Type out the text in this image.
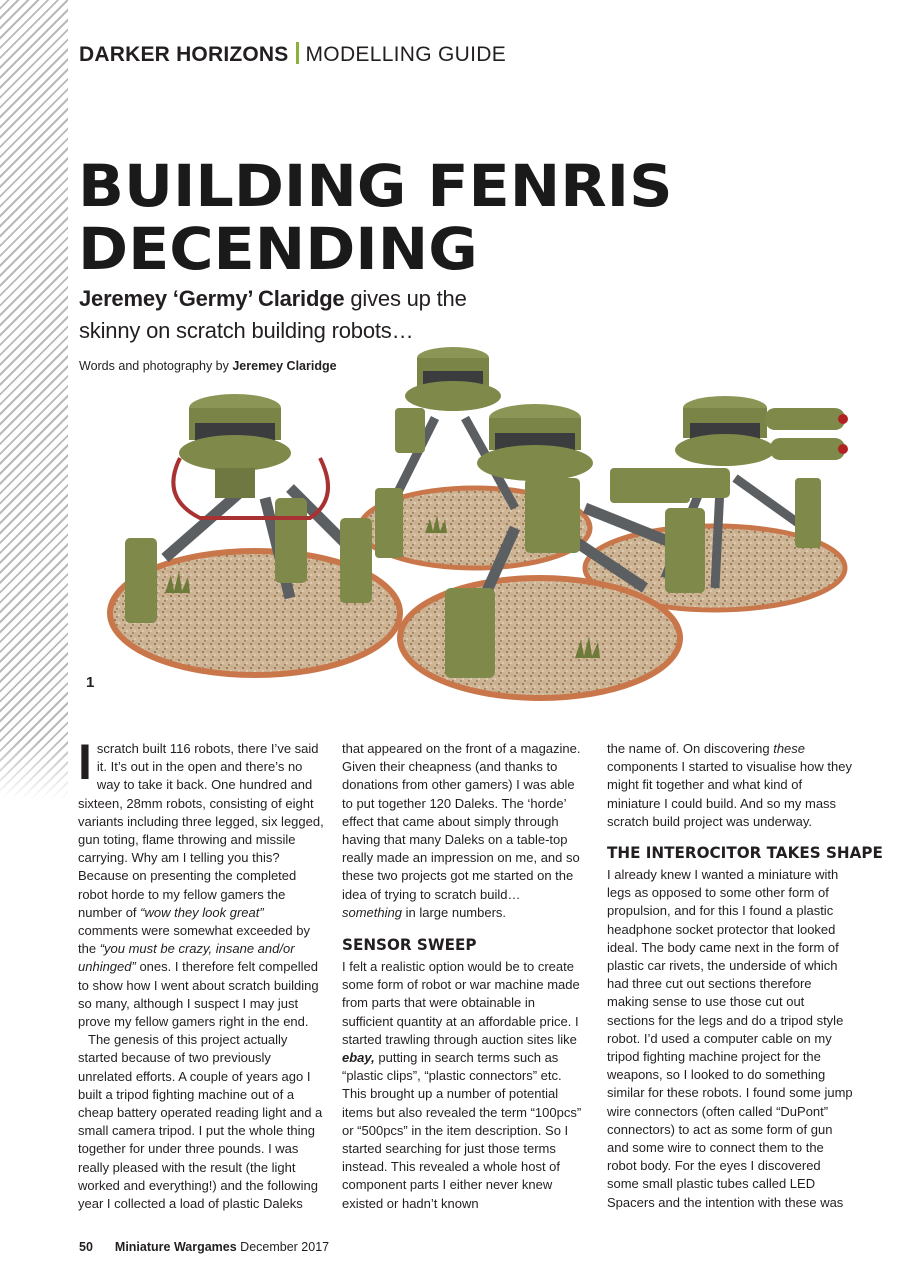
DARKER HORIZONS MODELLING GUIDE
BUILDING FENRIS
DECENDING
Jeremey ‘Germy’ Claridge gives up the
skinny on scratch building robots…
Words and photography by Jeremey Claridge
1

I scratch built 116 robots, there I’ve said it. It’s out in the open and there’s no way to take it back. One hundred and sixteen, 28mm robots, consisting of eight variants including three legged, six legged, gun toting, flame throwing and missile carrying. Why am I telling you this? Because on presenting the completed robot horde to my fellow gamers the number of “wow they look great” comments were somewhat exceeded by the “you must be crazy, insane and/or unhinged” ones. I therefore felt compelled to show how I went about scratch building so many, although I suspect I may just prove my fellow gamers right in the end.

The genesis of this project actually started because of two previously unrelated efforts. A couple of years ago I built a tripod fighting machine out of a cheap battery operated reading light and a small camera tripod. I put the whole thing together for under three pounds. I was really pleased with the result (the light worked and everything!) and the following year I collected a load of plastic Daleks

that appeared on the front of a magazine. Given their cheapness (and thanks to donations from other gamers) I was able to put together 120 Daleks. The ‘horde’ effect that came about simply through having that many Daleks on a table-top really made an impression on me, and so these two projects got me started on the idea of trying to scratch build… something in large numbers.

SENSOR SWEEP

I felt a realistic option would be to create some form of robot or war machine made from parts that were obtainable in sufficient quantity at an affordable price. I started trawling through auction sites like ebay, putting in search terms such as “plastic clips”, “plastic connectors” etc. This brought up a number of potential items but also revealed the term “100pcs” or “500pcs” in the item description. So I started searching for just those terms instead. This revealed a whole host of component parts I either never knew existed or hadn’t known

the name of. On discovering these components I started to visualise how they might fit together and what kind of miniature I could build. And so my mass scratch build project was underway.

THE INTEROCITOR TAKES SHAPE

I already knew I wanted a miniature with legs as opposed to some other form of propulsion, and for this I found a plastic headphone socket protector that looked ideal. The body came next in the form of plastic car rivets, the underside of which had three cut out sections therefore making sense to use those cut out sections for the legs and do a tripod style robot. I’d used a computer cable on my tripod fighting machine project for the weapons, so I looked to do something similar for these robots. I found some jump wire connectors (often called “DuPont” connectors) to act as some form of gun and some wire to connect them to the robot body. For the eyes I discovered some small plastic tubes called LED Spacers and the intention with these was

50 Miniature Wargames December 2017
